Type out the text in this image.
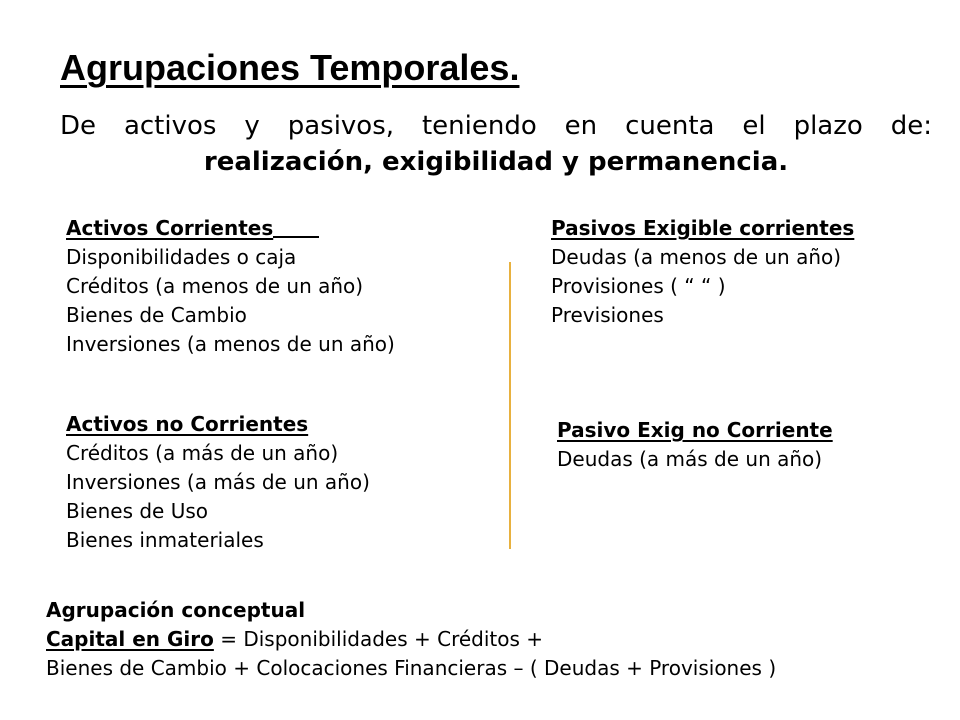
Agrupaciones Temporales.

De activos y pasivos, teniendo en cuenta el plazo de: realización, exigibilidad y permanencia.

Activos Corrientes
Disponibilidades o caja
Créditos (a menos de un año)
Bienes de Cambio
Inversiones (a menos de un año)
Pasivos Exigible corrientes
Deudas (a menos de un año)
Provisiones ( “ “ )
Previsiones
Activos no Corrientes
Créditos (a más de un año)
Inversiones (a más de un año)
Bienes de Uso
Bienes inmateriales
Pasivo Exig no Corriente
Deudas (a más de un año)
Agrupación conceptual
Capital en Giro = Disponibilidades + Créditos +
Bienes de Cambio + Colocaciones Financieras – ( Deudas + Provisiones )
